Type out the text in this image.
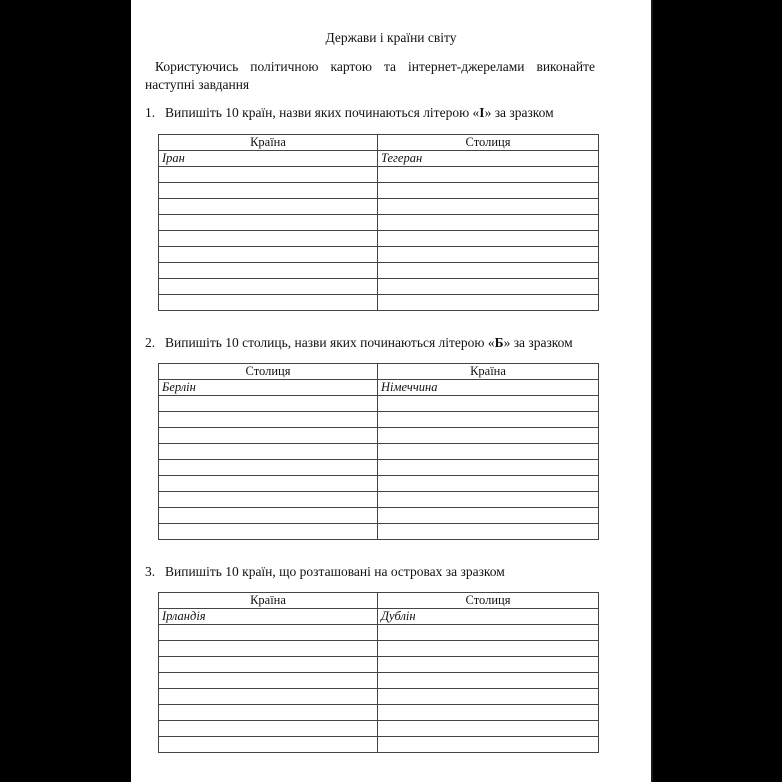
Держави і країни світу
Користуючись політичною картою та інтернет-джерелами виконайте наступні завдання
1. Випишіть 10 країн, назви яких починаються літерою «І» за зразком
Країна	Столиця
Іран	Тегеран

2. Випишіть 10 столиць, назви яких починаються літерою «Б» за зразком
Столиця	Країна
Берлін	Німеччина

3. Випишіть 10 країн, що розташовані на островах за зразком
Країна	Столиця
Ірландія	Дублін
